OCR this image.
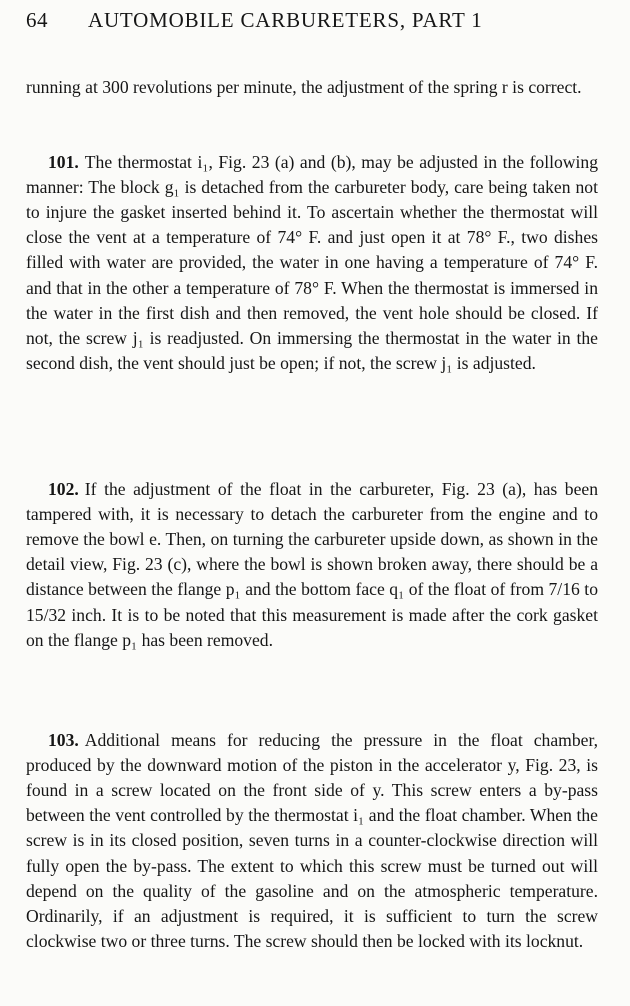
64 AUTOMOBILE CARBURETERS, PART 1

running at 300 revolutions per minute, the adjustment of the spring r is correct.

101. The thermostat i₁, Fig. 23 (a) and (b), may be adjusted in the following manner: The block g₁ is detached from the carbureter body, care being taken not to injure the gasket inserted behind it. To ascertain whether the thermostat will close the vent at a temperature of 74° F. and just open it at 78° F., two dishes filled with water are provided, the water in one having a temperature of 74° F. and that in the other a temperature of 78° F. When the thermostat is immersed in the water in the first dish and then removed, the vent hole should be closed. If not, the screw j₁ is readjusted. On immersing the thermostat in the water in the second dish, the vent should just be open; if not, the screw j₁ is adjusted.

102. If the adjustment of the float in the carbureter, Fig. 23 (a), has been tampered with, it is necessary to detach the carbureter from the engine and to remove the bowl e. Then, on turning the carbureter upside down, as shown in the detail view, Fig. 23 (c), where the bowl is shown broken away, there should be a distance between the flange p₁ and the bottom face q₁ of the float of from 7/16 to 15/32 inch. It is to be noted that this measurement is made after the cork gasket on the flange p₁ has been removed.

103. Additional means for reducing the pressure in the float chamber, produced by the downward motion of the piston in the accelerator y, Fig. 23, is found in a screw located on the front side of y. This screw enters a by-pass between the vent controlled by the thermostat i₁ and the float chamber. When the screw is in its closed position, seven turns in a counter-clockwise direction will fully open the by-pass. The extent to which this screw must be turned out will depend on the quality of the gasoline and on the atmospheric temperature. Ordinarily, if an adjustment is required, it is sufficient to turn the screw clockwise two or three turns. The screw should then be locked with its locknut.
